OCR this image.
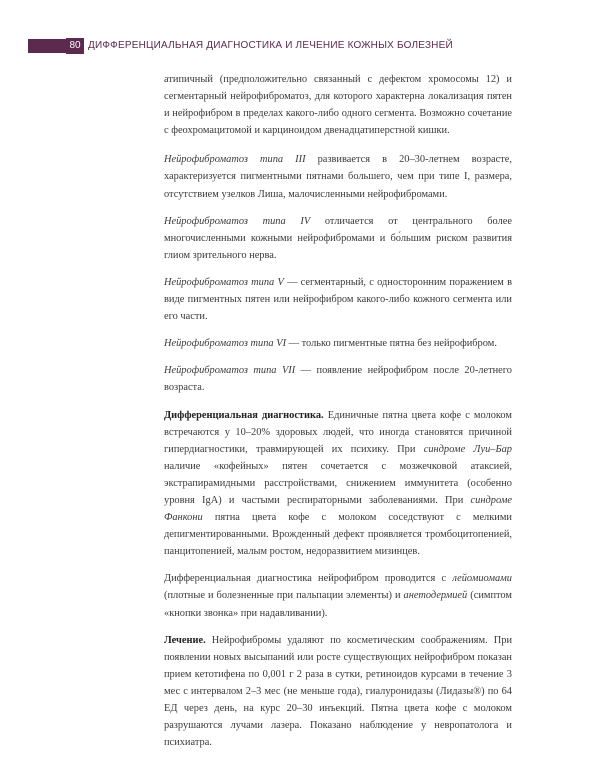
80 ДИФФЕРЕНЦИАЛЬНАЯ ДИАГНОСТИКА И ЛЕЧЕНИЕ КОЖНЫХ БОЛЕЗНЕЙ

атипичный (предположительно связанный с дефектом хромосомы 12) и сегментарный нейрофиброматоз, для которого характерна локализация пятен и нейрофибром в пределах какого-либо одного сегмента. Возможно сочетание с феохромацитомой и карциноидом двенадцатиперстной кишки.

Нейрофиброматоз типа III развивается в 20–30-летнем возрасте, характеризуется пигментными пятнами большего, чем при типе I, размера, отсутствием узелков Лиша, малочисленными нейрофибромами.

Нейрофиброматоз типа IV отличается от центрального более многочисленными кожными нейрофибромами и бо́льшим риском развития глиом зрительного нерва.

Нейрофиброматоз типа V — сегментарный, с односторонним поражением в виде пигментных пятен или нейрофибром какого-либо кожного сегмента или его части.

Нейрофиброматоз типа VI — только пигментные пятна без нейрофибром.

Нейрофиброматоз типа VII — появление нейрофибром после 20-летнего возраста.

Дифференциальная диагностика. Единичные пятна цвета кофе с молоком встречаются у 10–20% здоровых людей, что иногда становятся причиной гипердиагностики, травмирующей их психику. При синдроме Луи–Бар наличие «кофейных» пятен сочетается с мозжечковой атаксией, экстрапирамидными расстройствами, снижением иммунитета (особенно уровня IgA) и частыми респираторными заболеваниями. При синдроме Фанкони пятна цвета кофе с молоком соседствуют с мелкими депигментированными. Врожденный дефект проявляется тромбоцитопенией, панцитопенией, малым ростом, недоразвитием мизинцев.

Дифференциальная диагностика нейрофибром проводится с лейомиомами (плотные и болезненные при пальпации элементы) и анетодермией (симптом «кнопки звонка» при надавливании).

Лечение. Нейрофибромы удаляют по косметическим соображениям. При появлении новых высыпаний или росте существующих нейрофибром показан прием кетотифена по 0,001 г 2 раза в сутки, ретиноидов курсами в течение 3 мес с интервалом 2–3 мес (не меньше года), гиалуронидазы (Лидазы®) по 64 ЕД через день, на курс 20–30 инъекций. Пятна цвета кофе с молоком разрушаются лучами лазера. Показано наблюдение у невропатолога и психиатра.
